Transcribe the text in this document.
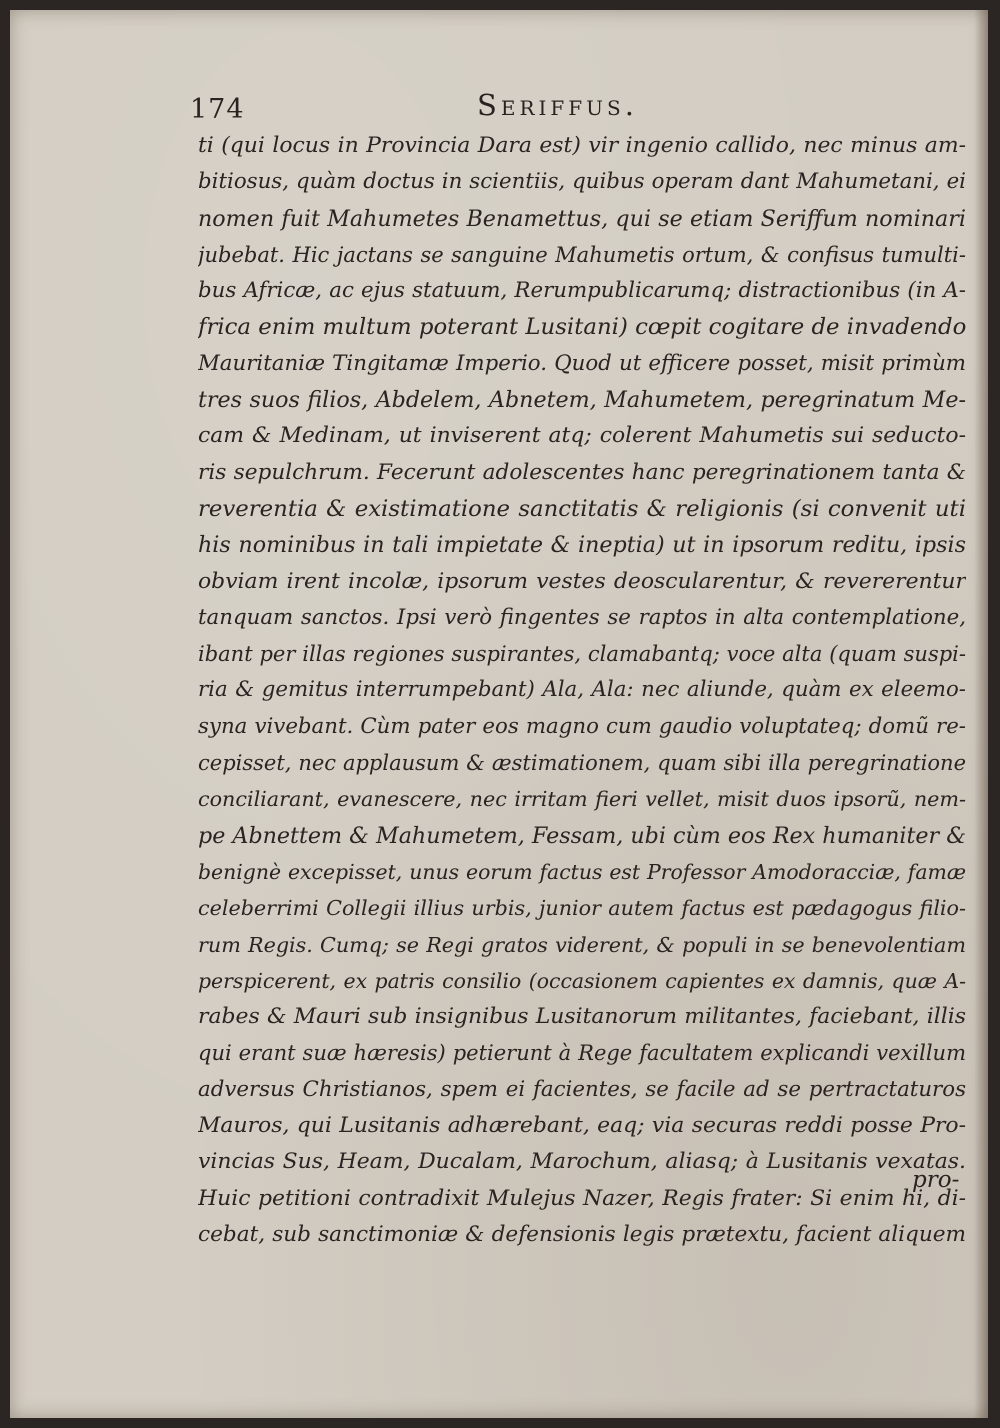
174	Seriffus.
ti (qui locus in Provincia Dara est) vir ingenio callido, nec minus am-
bitiosus, quàm doctus in scientiis, quibus operam dant Mahumetani, ei
nomen fuit Mahumetes Benamettus, qui se etiam Seriffum nominari
jubebat. Hic jactans se sanguine Mahumetis ortum, & confisus tumulti-
bus Africæ, ac ejus statuum, Rerumpublicarumq; distractionibus (in A-
frica enim multum poterant Lusitani) cœpit cogitare de invadendo
Mauritaniæ Tingitamæ Imperio. Quod ut efficere posset, misit primùm
tres suos filios, Abdelem, Abnetem, Mahumetem, peregrinatum Me-
cam & Medinam, ut inviserent atq; colerent Mahumetis sui seducto-
ris sepulchrum. Fecerunt adolescentes hanc peregrinationem tanta &
reverentia & existimatione sanctitatis & religionis (si convenit uti
his nominibus in tali impietate & ineptia) ut in ipsorum reditu, ipsis
obviam irent incolæ, ipsorum vestes deoscularentur, & revererentur
tanquam sanctos. Ipsi verò fingentes se raptos in alta contemplatione,
ibant per illas regiones suspirantes, clamabantq; voce alta (quam suspi-
ria & gemitus interrumpebant) Ala, Ala: nec aliunde, quàm ex eleemo-
syna vivebant. Cùm pater eos magno cum gaudio voluptateq; domũ re-
cepisset, nec applausum & æstimationem, quam sibi illa peregrinatione
conciliarant, evanescere, nec irritam fieri vellet, misit duos ipsorũ, nem-
pe Abnettem & Mahumetem, Fessam, ubi cùm eos Rex humaniter &
benignè excepisset, unus eorum factus est Professor Amodoracciæ, famæ
celeberrimi Collegii illius urbis, junior autem factus est pædagogus filio-
rum Regis. Cumq; se Regi gratos viderent, & populi in se benevolentiam
perspicerent, ex patris consilio (occasionem capientes ex damnis, quæ A-
rabes & Mauri sub insignibus Lusitanorum militantes, faciebant, illis
qui erant suæ hæresis) petierunt à Rege facultatem explicandi vexillum
adversus Christianos, spem ei facientes, se facile ad se pertractaturos
Mauros, qui Lusitanis adhærebant, eaq; via securas reddi posse Pro-
vincias Sus, Heam, Ducalam, Marochum, aliasq; à Lusitanis vexatas.
Huic petitioni contradixit Mulejus Nazer, Regis frater: Si enim hi, di-
cebat, sub sanctimoniæ & defensionis legis prætextu, facient aliquem
pro-
